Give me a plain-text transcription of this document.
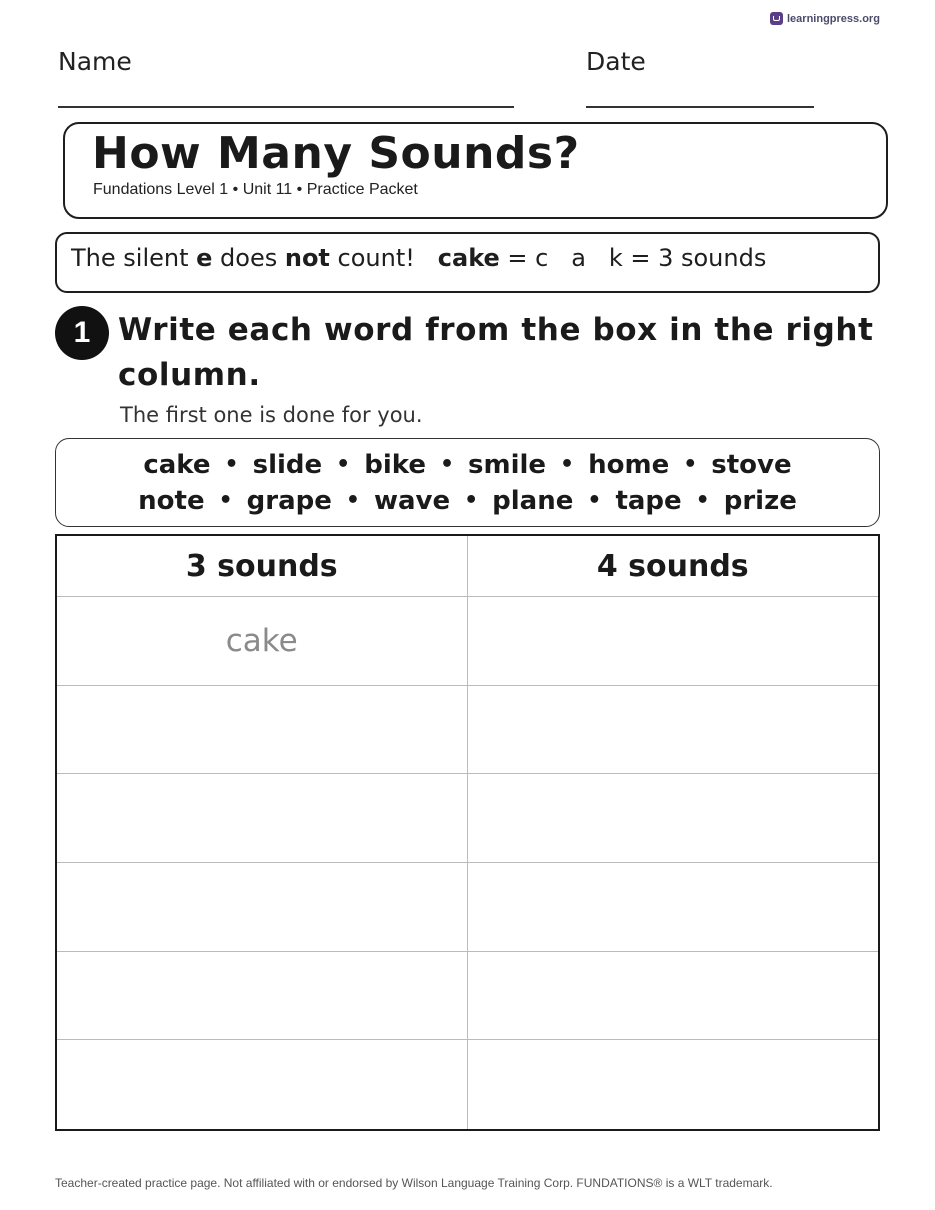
learningpress.org
Name	Date
How Many Sounds?
Fundations Level 1 • Unit 11 • Practice Packet
The silent e does not count!   cake = c   a   k = 3 sounds
1 Write each word from the box in the right column.
The first one is done for you.
cake • slide • bike • smile • home • stove
note • grape • wave • plane • tape • prize
3 sounds	4 sounds
cake
Teacher-created practice page. Not affiliated with or endorsed by Wilson Language Training Corp. FUNDATIONS® is a WLT trademark.
